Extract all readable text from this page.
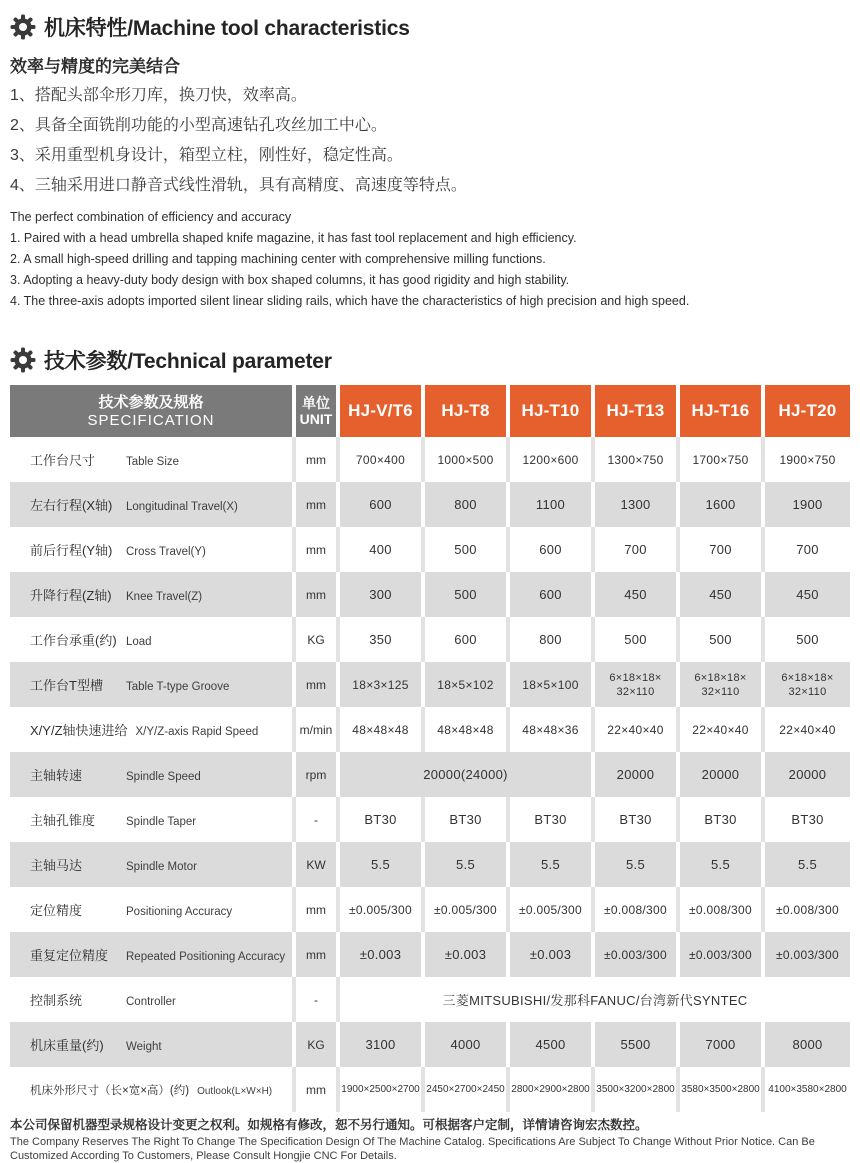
机床特性/Machine tool characteristics
效率与精度的完美结合
1、搭配头部伞形刀库，换刀快，效率高。
2、具备全面铣削功能的小型高速钻孔攻丝加工中心。
3、采用重型机身设计，箱型立柱，刚性好，稳定性高。
4、三轴采用进口静音式线性滑轨，具有高精度、高速度等特点。

The perfect combination of efficiency and accuracy

1. Paired with a head umbrella shaped knife magazine, it has fast tool replacement and high efficiency.

2. A small high-speed drilling and tapping machining center with comprehensive milling functions.

3. Adopting a heavy-duty body design with box shaped columns, it has good rigidity and high stability.

4. The three-axis adopts imported silent linear sliding rails, which have the characteristics of high precision and high speed.

技术参数/Technical parameter
技术参数及规格
SPECIFICATION

单位
UNIT	HJ-V/T6	HJ-T8	HJ-T10	HJ-T13	HJ-T16	HJ-T20

工作台尺寸 Table Size	mm	700×400	1000×500	1200×600	1300×750	1700×750	1900×750

左右行程(X轴) Longitudinal Travel(X)	mm	600	800	1100	1300	1600	1900

前后行程(Y轴) Cross Travel(Y)	mm	400	500	600	700	700	700

升降行程(Z轴) Knee Travel(Z)	mm	300	500	600	450	450	450

工作台承重(约) Load	KG	350	600	800	500	500	500

工作台T型槽 Table T-type Groove	mm	18×3×125	18×5×102	18×5×100	6×18×18× 32×110	6×18×18× 32×110	6×18×18× 32×110

X/Y/Z轴快速进给 X/Y/Z-axis Rapid Speed	m/min	48×48×48	48×48×48	48×48×36	22×40×40	22×40×40	22×40×40

主轴转速 Spindle Speed	rpm	20000(24000)			20000	20000	20000

主轴孔锥度 Spindle Taper	-	BT30	BT30	BT30	BT30	BT30	BT30

主轴马达 Spindle Motor	KW	5.5	5.5	5.5	5.5	5.5	5.5

定位精度 Positioning Accuracy	mm	±0.005/300	±0.005/300	±0.005/300	±0.008/300	±0.008/300	±0.008/300

重复定位精度 Repeated Positioning Accuracy	mm	±0.003	±0.003	±0.003	±0.003/300	±0.003/300	±0.003/300

控制系统 Controller	-	三菱MITSUBISHI/发那科FANUC/台湾新代SYNTEC					

机床重量(约) Weight	KG	3100	4000	4500	5500	7000	8000

机床外形尺寸（长×宽×高）(约) Outlook(L×W×H)	mm	1900×2500×2700	2450×2700×2450	2800×2900×2800	3500×3200×2800	3580×3500×2800	4100×3580×2800

本公司保留机器型录规格设计变更之权利。如规格有修改，恕不另行通知。可根据客户定制，详情请咨询宏杰数控。

The Company Reserves The Right To Change The Specification Design Of The Machine Catalog. Specifications Are Subject To Change Without Prior Notice. Can Be Customized According To Customers, Please Consult Hongjie CNC For Details.
